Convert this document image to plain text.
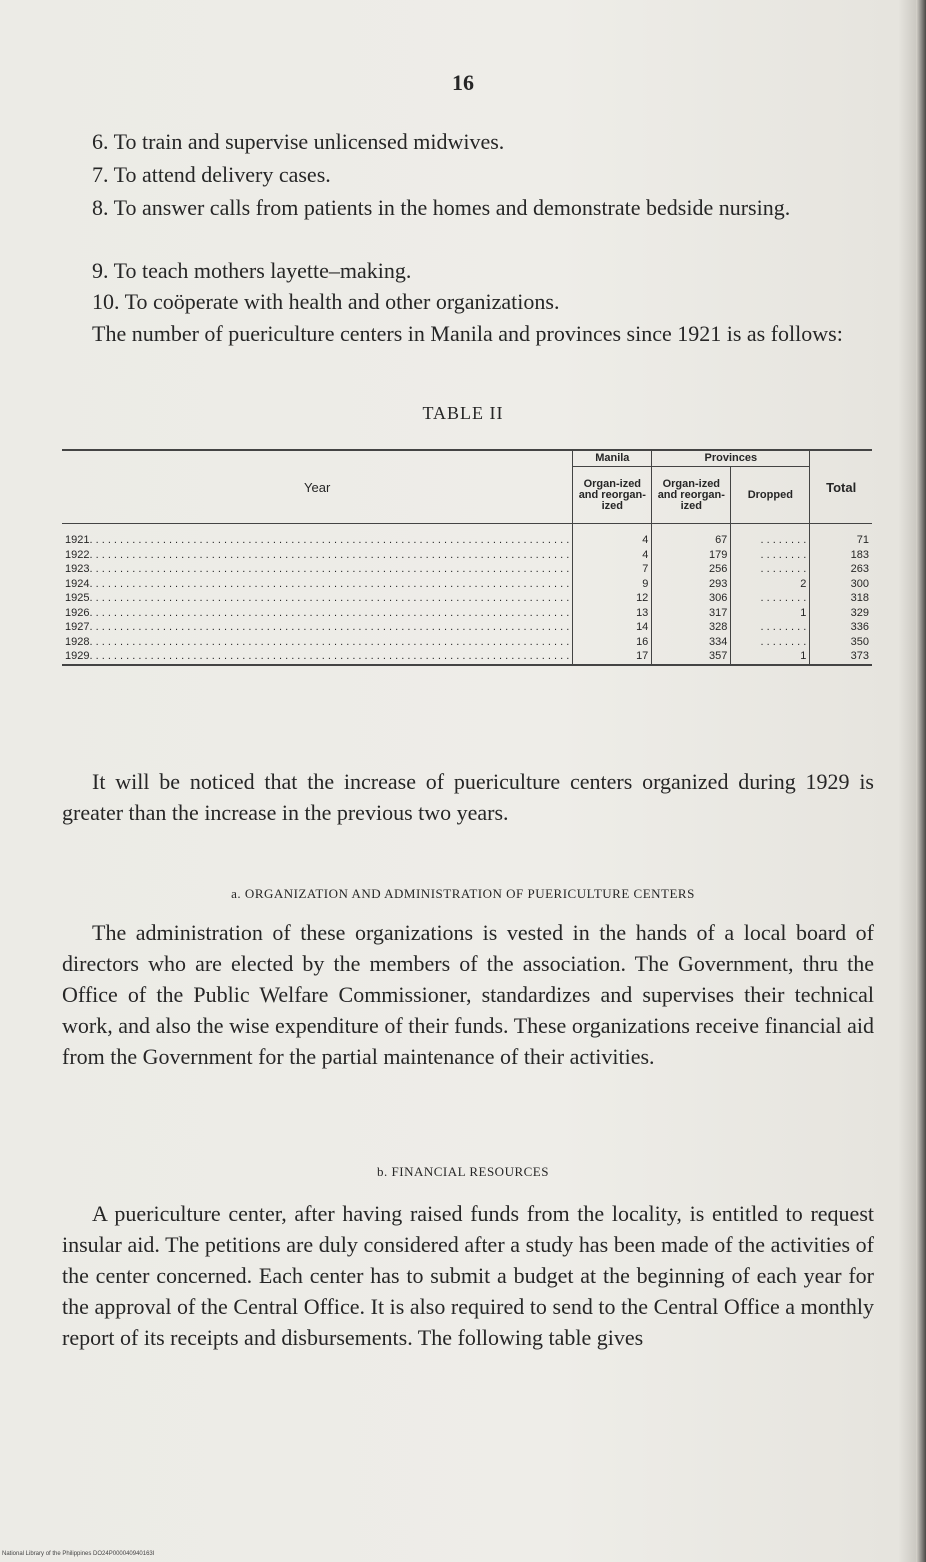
16

6. To train and supervise unlicensed midwives.

7. To attend delivery cases.

8. To answer calls from patients in the homes and demonstrate bedside nursing.

9. To teach mothers layette–making.

10. To coöperate with health and other organizations.

The number of puericulture centers in Manila and provinces since 1921 is as follows:

TABLE II
Year	Manila	Provinces		Total
	Organ-ized and reorgan-ized	Organ-ized and reorgan-ized	Dropped	

1921. . . . . . . . . . . . . . . . . . . . . . . . . . . . . . . . . . . . . . . . . . . . . . . . . . . . . . . . . . . . . . . . . . . . . . . . . . . . . . .	4	67	. . . . . . . .	71

1922. . . . . . . . . . . . . . . . . . . . . . . . . . . . . . . . . . . . . . . . . . . . . . . . . . . . . . . . . . . . . . . . . . . . . . . . . . . . . . .	4	179	. . . . . . . .	183

1923. . . . . . . . . . . . . . . . . . . . . . . . . . . . . . . . . . . . . . . . . . . . . . . . . . . . . . . . . . . . . . . . . . . . . . . . . . . . . . .	7	256	. . . . . . . .	263

1924. . . . . . . . . . . . . . . . . . . . . . . . . . . . . . . . . . . . . . . . . . . . . . . . . . . . . . . . . . . . . . . . . . . . . . . . . . . . . . .	9	293	2	300

1925. . . . . . . . . . . . . . . . . . . . . . . . . . . . . . . . . . . . . . . . . . . . . . . . . . . . . . . . . . . . . . . . . . . . . . . . . . . . . . .	12	306	. . . . . . . .	318

1926. . . . . . . . . . . . . . . . . . . . . . . . . . . . . . . . . . . . . . . . . . . . . . . . . . . . . . . . . . . . . . . . . . . . . . . . . . . . . . .	13	317	1	329

1927. . . . . . . . . . . . . . . . . . . . . . . . . . . . . . . . . . . . . . . . . . . . . . . . . . . . . . . . . . . . . . . . . . . . . . . . . . . . . . .	14	328	. . . . . . . .	336

1928. . . . . . . . . . . . . . . . . . . . . . . . . . . . . . . . . . . . . . . . . . . . . . . . . . . . . . . . . . . . . . . . . . . . . . . . . . . . . . .	16	334	. . . . . . . .	350

1929. . . . . . . . . . . . . . . . . . . . . . . . . . . . . . . . . . . . . . . . . . . . . . . . . . . . . . . . . . . . . . . . . . . . . . . . . . . . . . .	17	357	1	373

It will be noticed that the increase of puericulture centers organized during 1929 is greater than the increase in the previous two years.

a. ORGANIZATION AND ADMINISTRATION OF PUERICULTURE CENTERS

The administration of these organizations is vested in the hands of a local board of directors who are elected by the members of the association. The Government, thru the Office of the Public Welfare Commissioner, standardizes and supervises their technical work, and also the wise expenditure of their funds. These organizations receive financial aid from the Government for the partial maintenance of their activities.

b. FINANCIAL RESOURCES

A puericulture center, after having raised funds from the locality, is entitled to request insular aid. The petitions are duly considered after a study has been made of the activities of the center concerned. Each center has to submit a budget at the beginning of each year for the approval of the Central Office. It is also required to send to the Central Office a monthly report of its receipts and disbursements. The following table gives

National Library of the Philippines DO24P000040940163I
